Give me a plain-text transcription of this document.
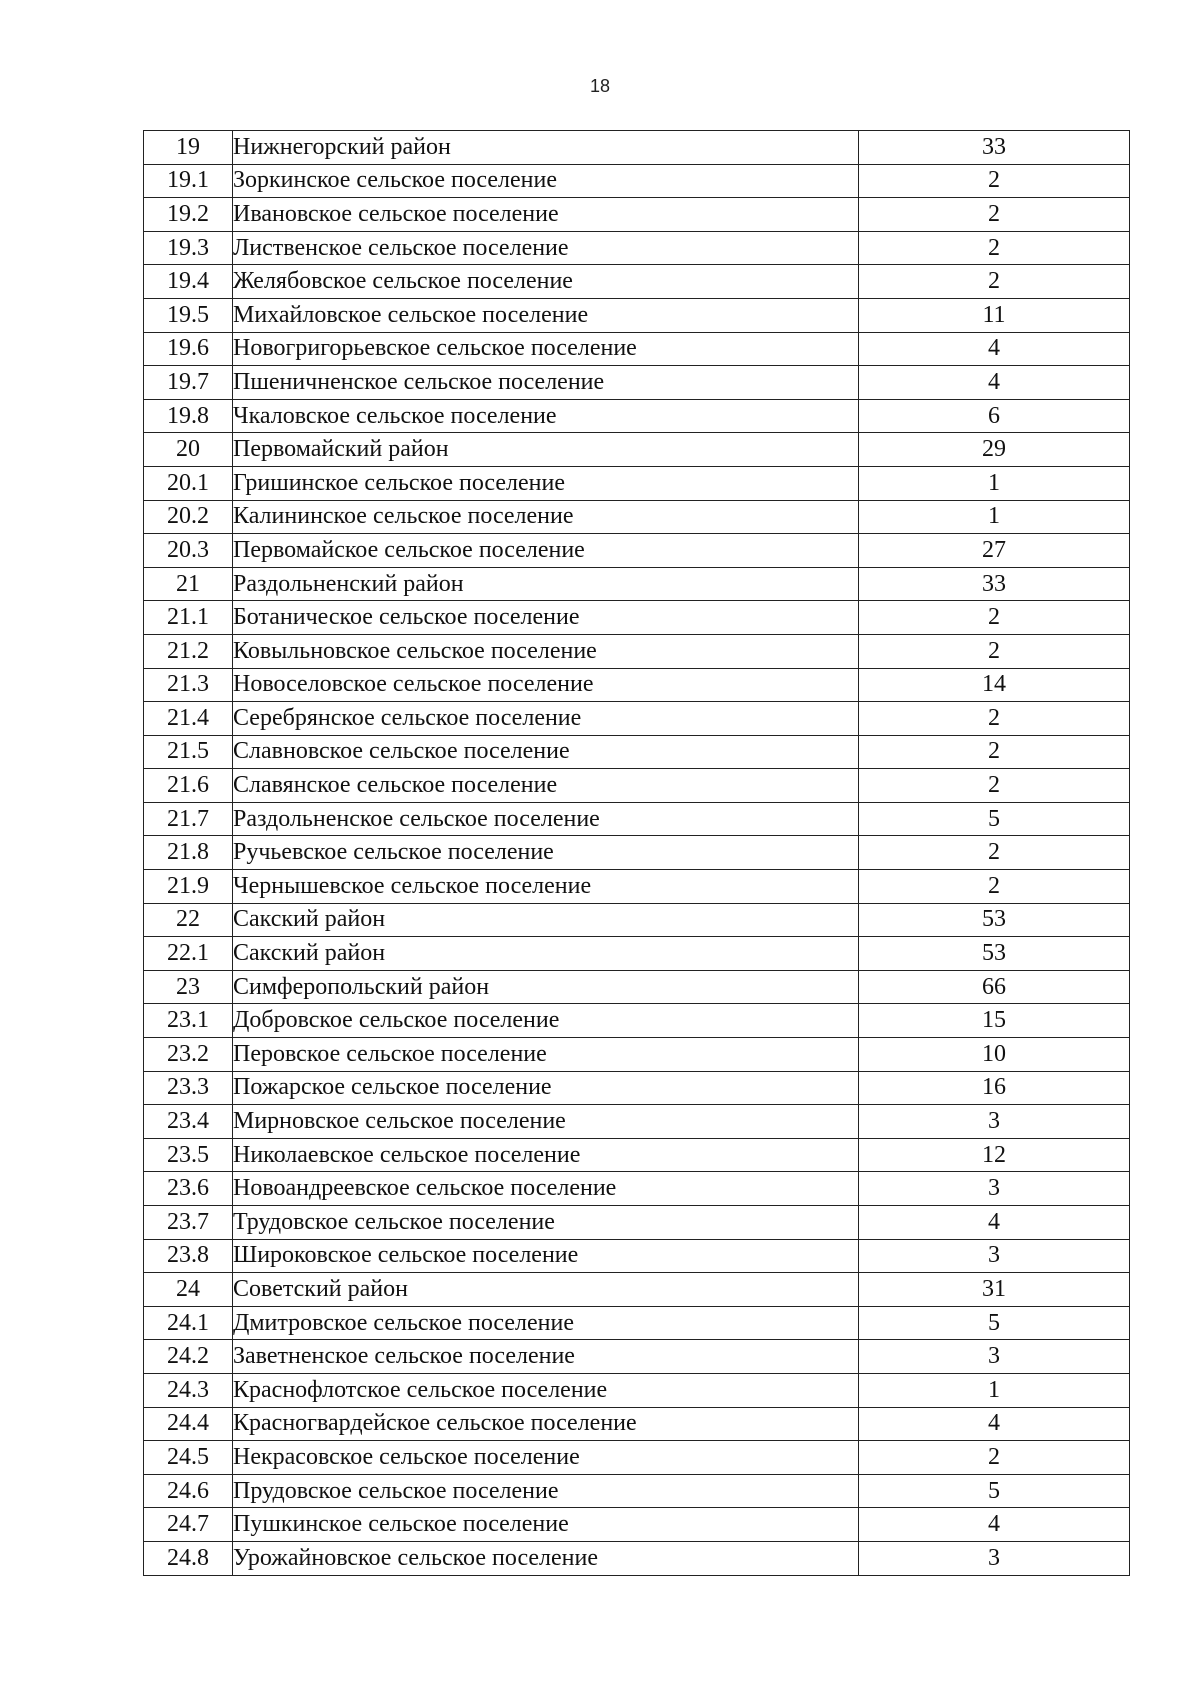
18
19	Нижнегорский район	33
19.1	Зоркинское сельское поселение	2
19.2	Ивановское сельское поселение	2
19.3	Лиственское сельское поселение	2
19.4	Желябовское сельское поселение	2
19.5	Михайловское сельское поселение	11
19.6	Новогригорьевское сельское поселение	4
19.7	Пшеничненское сельское поселение	4
19.8	Чкаловское сельское поселение	6
20	Первомайский район	29
20.1	Гришинское сельское поселение	1
20.2	Калининское сельское поселение	1
20.3	Первомайское сельское поселение	27
21	Раздольненский район	33
21.1	Ботаническое сельское поселение	2
21.2	Ковыльновское сельское поселение	2
21.3	Новоселовское сельское поселение	14
21.4	Серебрянское сельское поселение	2
21.5	Славновское сельское поселение	2
21.6	Славянское сельское поселение	2
21.7	Раздольненское сельское поселение	5
21.8	Ручьевское сельское поселение	2
21.9	Чернышевское сельское поселение	2
22	Сакский район	53
22.1	Сакский район	53
23	Симферопольский район	66
23.1	Добровское сельское поселение	15
23.2	Перовское сельское поселение	10
23.3	Пожарское сельское поселение	16
23.4	Мирновское сельское поселение	3
23.5	Николаевское сельское поселение	12
23.6	Новоандреевское сельское поселение	3
23.7	Трудовское сельское поселение	4
23.8	Широковское сельское поселение	3
24	Советский район	31
24.1	Дмитровское сельское поселение	5
24.2	Заветненское сельское поселение	3
24.3	Краснофлотское сельское поселение	1
24.4	Красногвардейское сельское поселение	4
24.5	Некрасовское сельское поселение	2
24.6	Прудовское сельское поселение	5
24.7	Пушкинское сельское поселение	4
24.8	Урожайновское сельское поселение	3
